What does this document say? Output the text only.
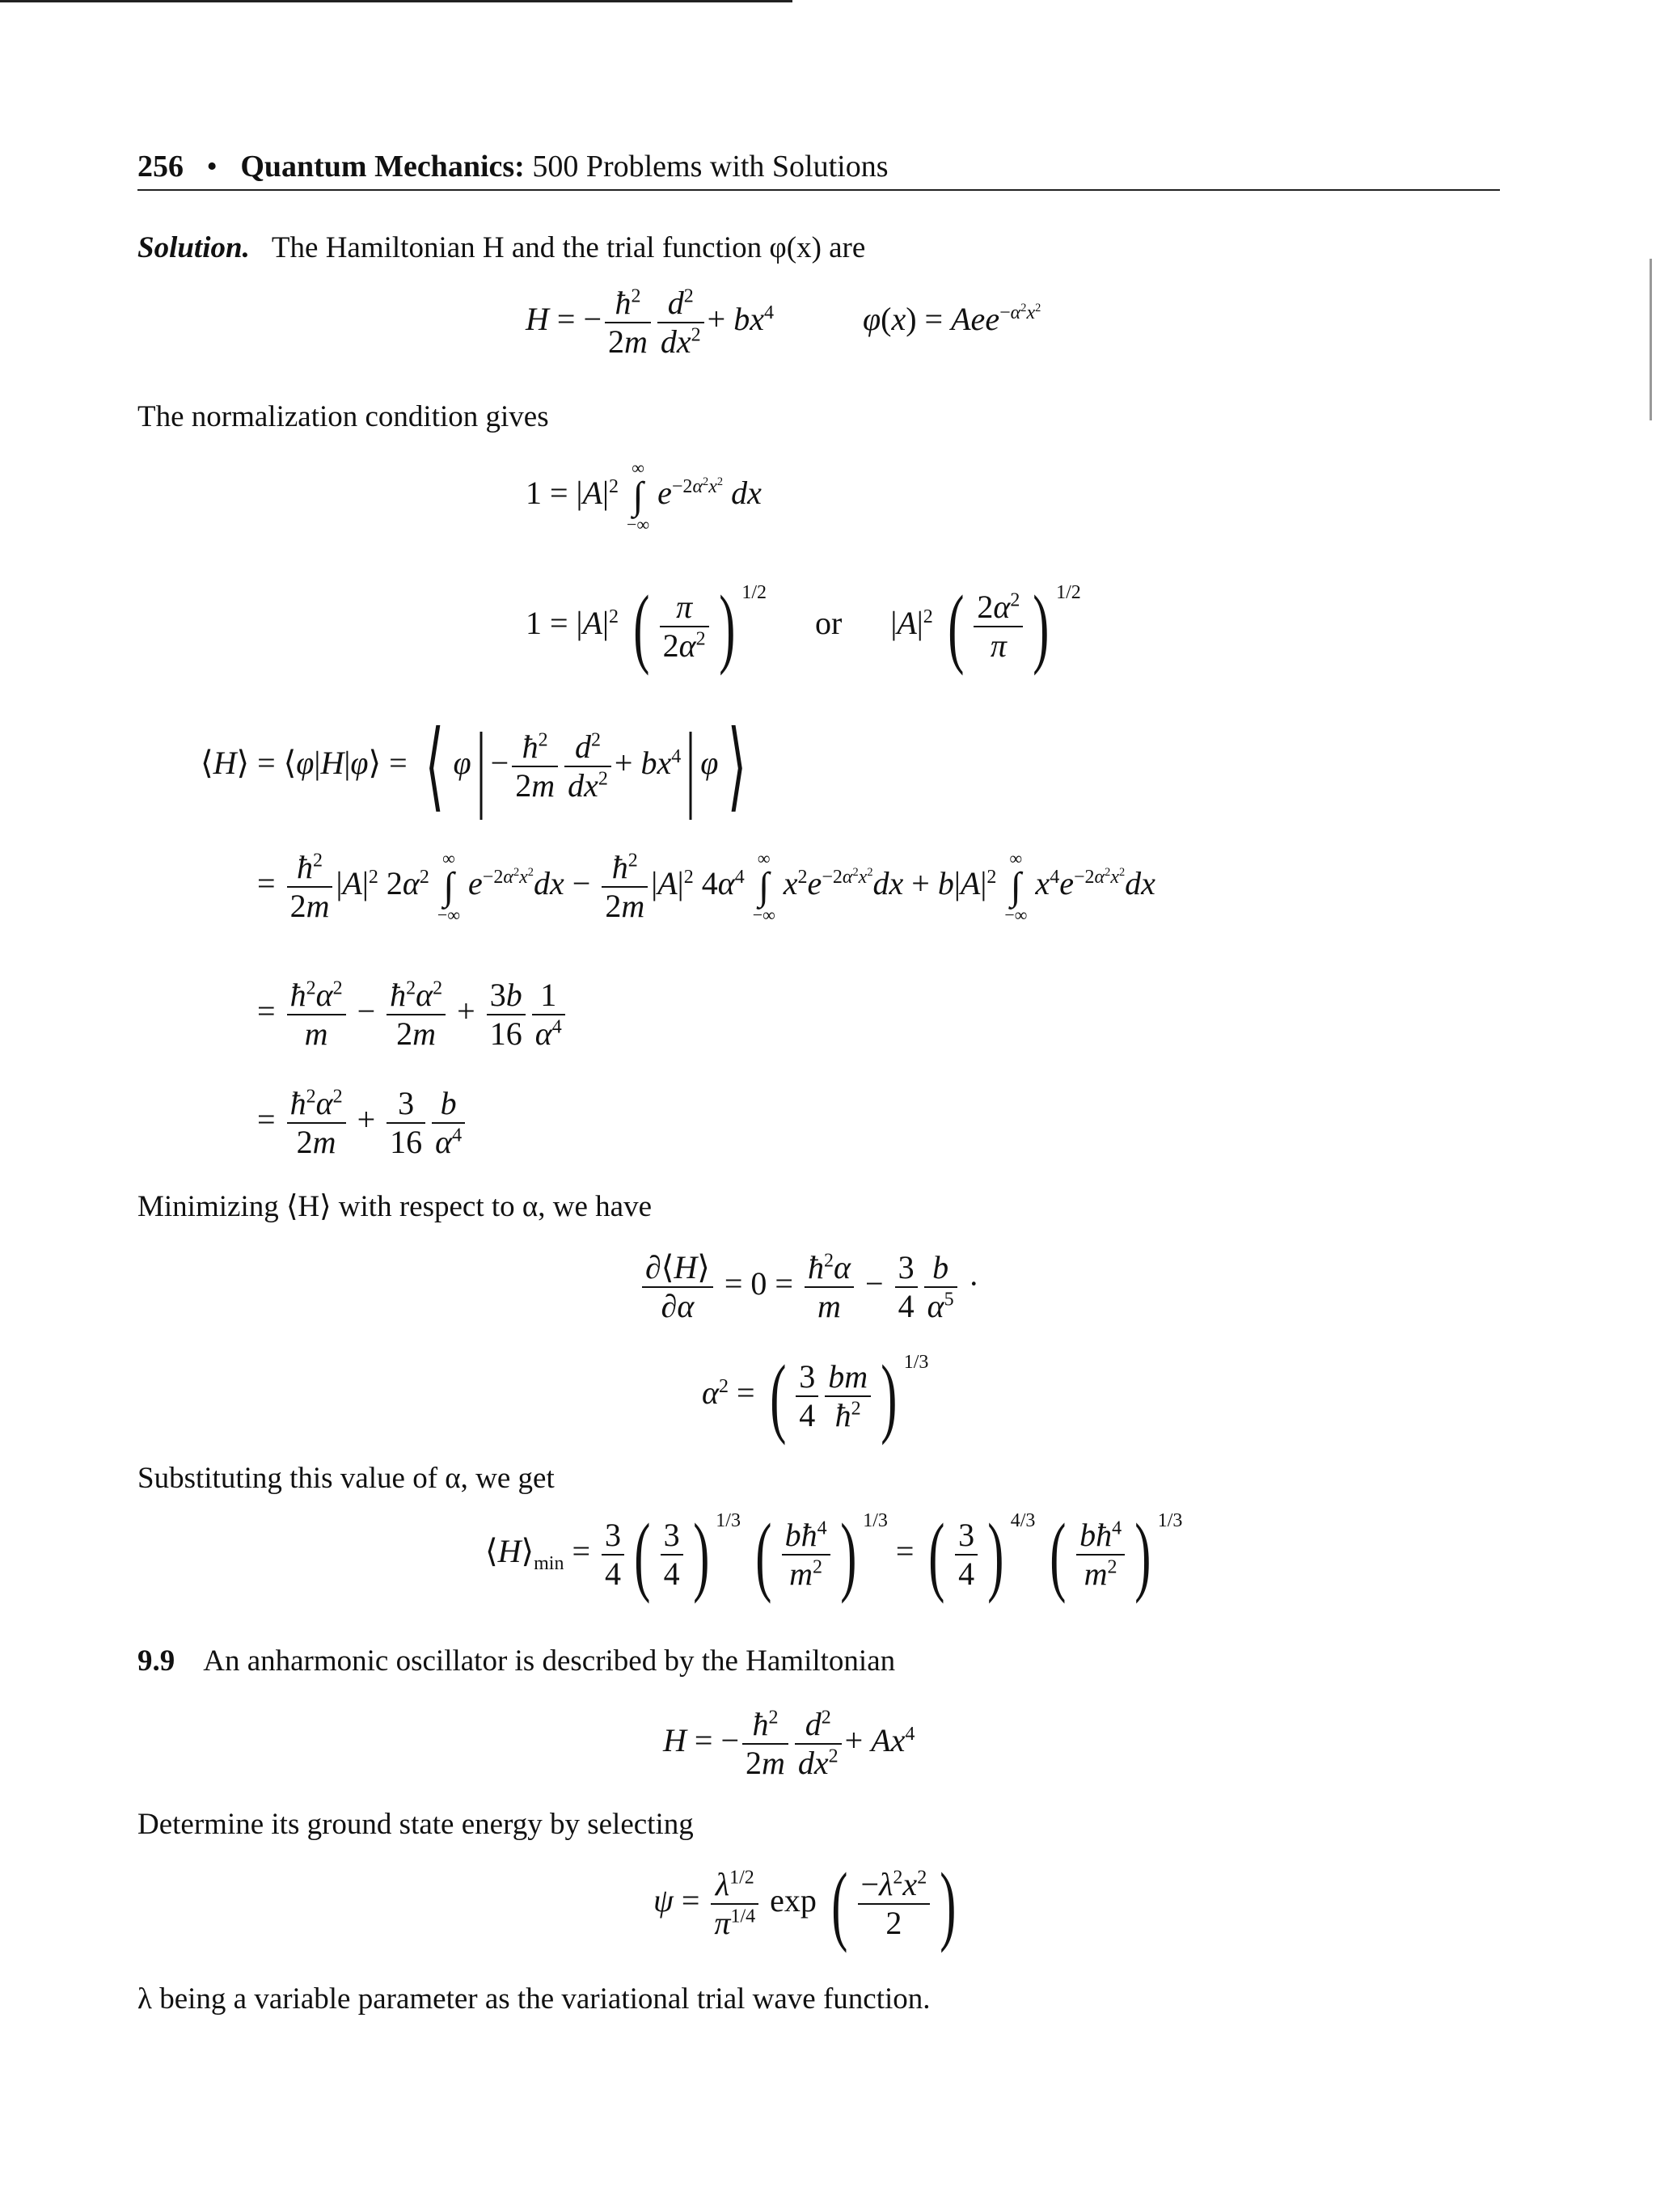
256 • Quantum Mechanics: 500 Problems with Solutions
Solution. The Hamiltonian H and the trial function φ(x) are
H = − $\frac{ħ^2}{2m} \frac{d^2}{dx^2} + bx^4$	φ(x) = Aee$^{-\alpha^2x^2}$
The normalization condition gives
$1 = |A|^2$
∞
∫
−∞
$e^{-2\alpha^2x^2}$ dx
$1 = |A|^2$ ( $\frac{\pi}{2\alpha^2}$ ) $^{1/2}$  or  $|A|^2$ ( $\frac{2\alpha^2}{\pi}$ ) $^{1/2}$
⟨H⟩ = ⟨φ|H|φ⟩ = ⟨ $\varphi| - \frac{ħ^2}{2m} \frac{d^2}{dx^2} + bx^4|$ φ⟩
= $\frac{ħ^2}{2m} |A|^2$ $2\alpha^2$
∞
∫
−∞
$e^{-2\alpha^2x^2}dx - \frac{ħ^2}{2m} |A|^2$ $4\alpha^4$
∞
∫
−∞
$x^2e^{-2\alpha^2x^2}dx + b|A|^2$
∞
∫
−∞
$x^4e^{-2\alpha^2x^2}dx$
= $\frac{ħ^2\alpha^2}{m} - \frac{ħ^2\alpha^2}{2m} + \frac{3b}{16} \frac{1}{\alpha^4}$
= $\frac{ħ^2\alpha^2}{2m} + \frac{3}{16} \frac{b}{\alpha^4}$
Minimizing ⟨H⟩ with respect to α, we have
$\frac{\partial⟨H⟩}{\partial\alpha} = 0 = \frac{ħ^2\alpha}{m} - \frac{3}{4} \frac{b}{\alpha^5}$ ·
$\alpha^2$ = ( $\frac{3}{4} \frac{bm}{ħ^2}$ ) $^{1/3}$
Substituting this value of α, we get
$⟨H⟩_{min} = \frac{3}{4}$ ( $\frac{3}{4}$ ) $^{1/3}$ ( $\frac{bħ^4}{m^2}$ ) $^{1/3}$ = ( $\frac{3}{4}$ ) $^{4/3}$ ( $\frac{bħ^4}{m^2}$ ) $^{1/3}$
9.9 An anharmonic oscillator is described by the Hamiltonian
H = − $\frac{ħ^2}{2m} \frac{d^2}{dx^2} + Ax^4$
Determine its ground state energy by selecting
$\psi = \frac{\lambda^{1/2}}{\pi^{1/4}}$ exp ( $\frac{-\lambda^2x^2}{2}$ )
λ being a variable parameter as the variational trial wave function.
